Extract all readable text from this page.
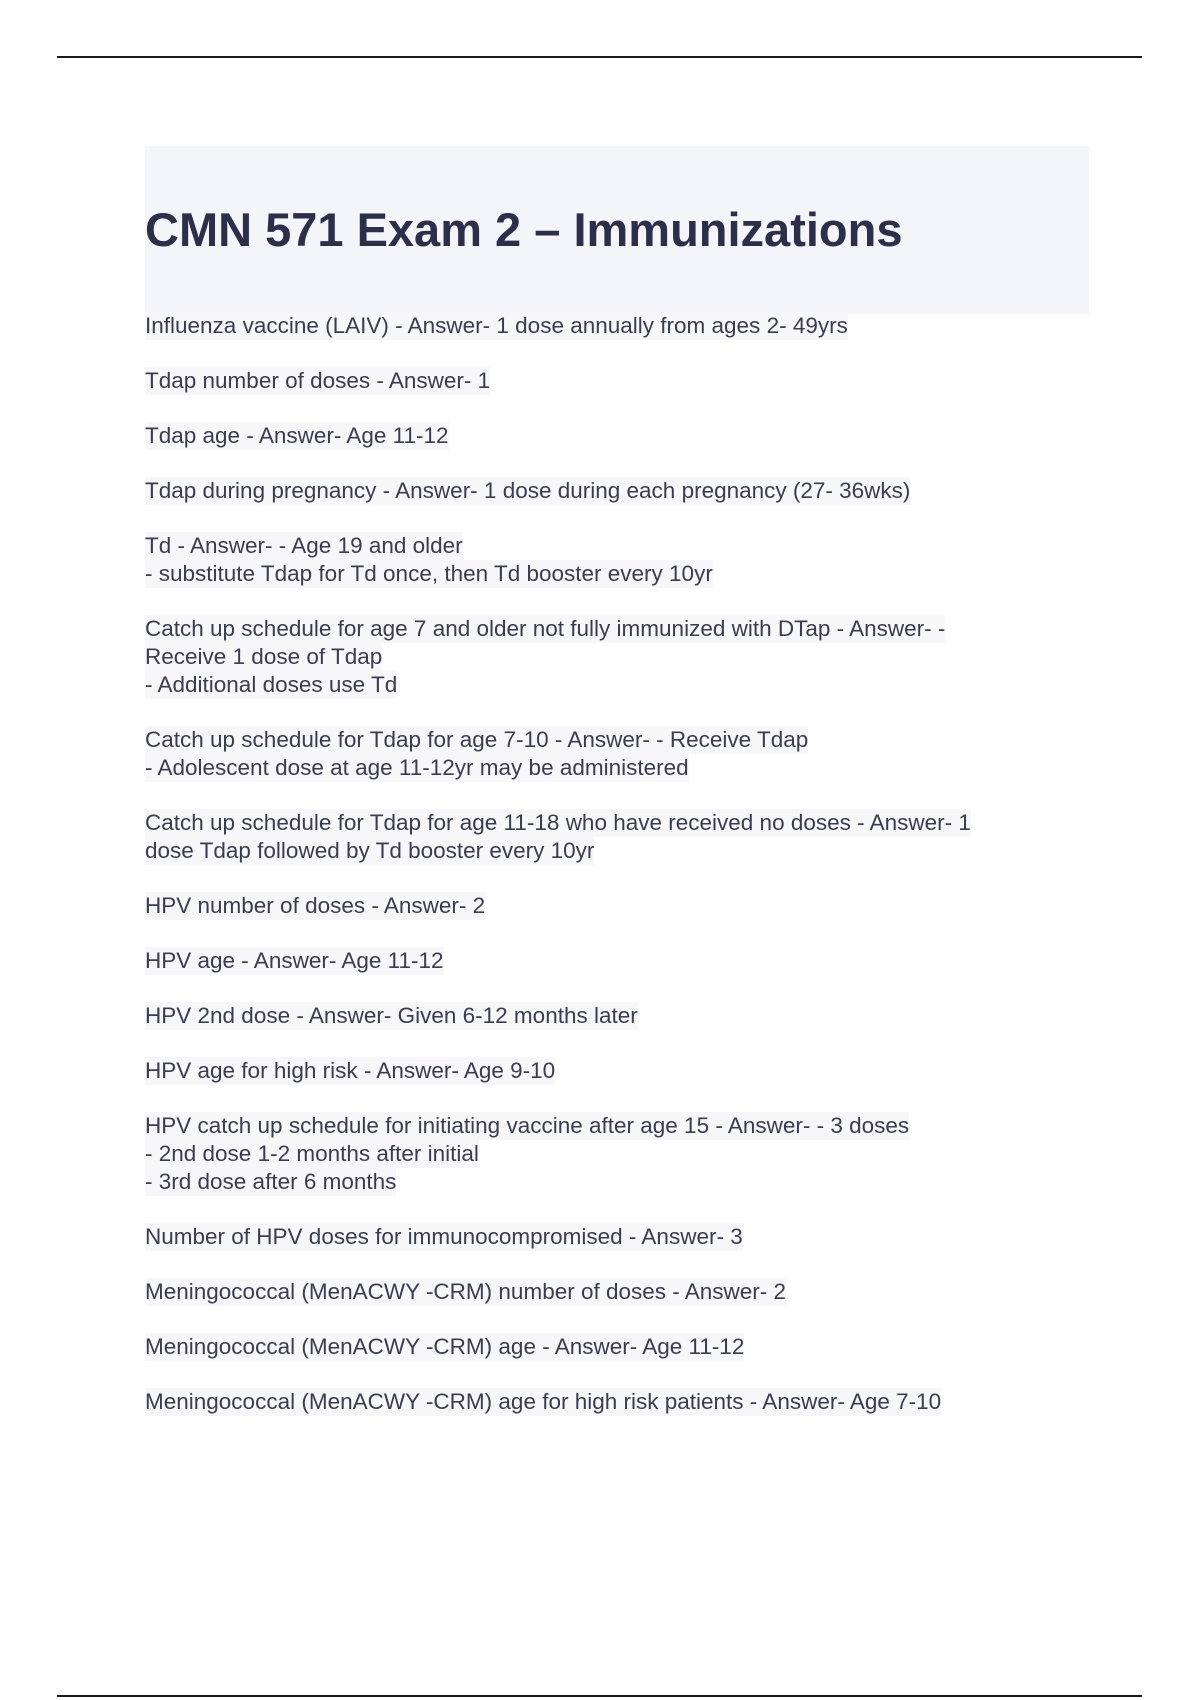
CMN 571 Exam 2 – Immunizations
Influenza vaccine (LAIV) - Answer- 1 dose annually from ages 2- 49yrs
Tdap number of doses - Answer- 1
Tdap age - Answer- Age 11-12
Tdap during pregnancy - Answer- 1 dose during each pregnancy (27- 36wks)
Td - Answer- - Age 19 and older
- substitute Tdap for Td once, then Td booster every 10yr
Catch up schedule for age 7 and older not fully immunized with DTap - Answer- -
Receive 1 dose of Tdap
- Additional doses use Td
Catch up schedule for Tdap for age 7-10 - Answer- - Receive Tdap
- Adolescent dose at age 11-12yr may be administered
Catch up schedule for Tdap for age 11-18 who have received no doses - Answer- 1
dose Tdap followed by Td booster every 10yr
HPV number of doses - Answer- 2
HPV age - Answer- Age 11-12
HPV 2nd dose - Answer- Given 6-12 months later
HPV age for high risk - Answer- Age 9-10
HPV catch up schedule for initiating vaccine after age 15 - Answer- - 3 doses
- 2nd dose 1-2 months after initial
- 3rd dose after 6 months
Number of HPV doses for immunocompromised - Answer- 3
Meningococcal (MenACWY -CRM) number of doses - Answer- 2
Meningococcal (MenACWY -CRM) age - Answer- Age 11-12
Meningococcal (MenACWY -CRM) age for high risk patients - Answer- Age 7-10
